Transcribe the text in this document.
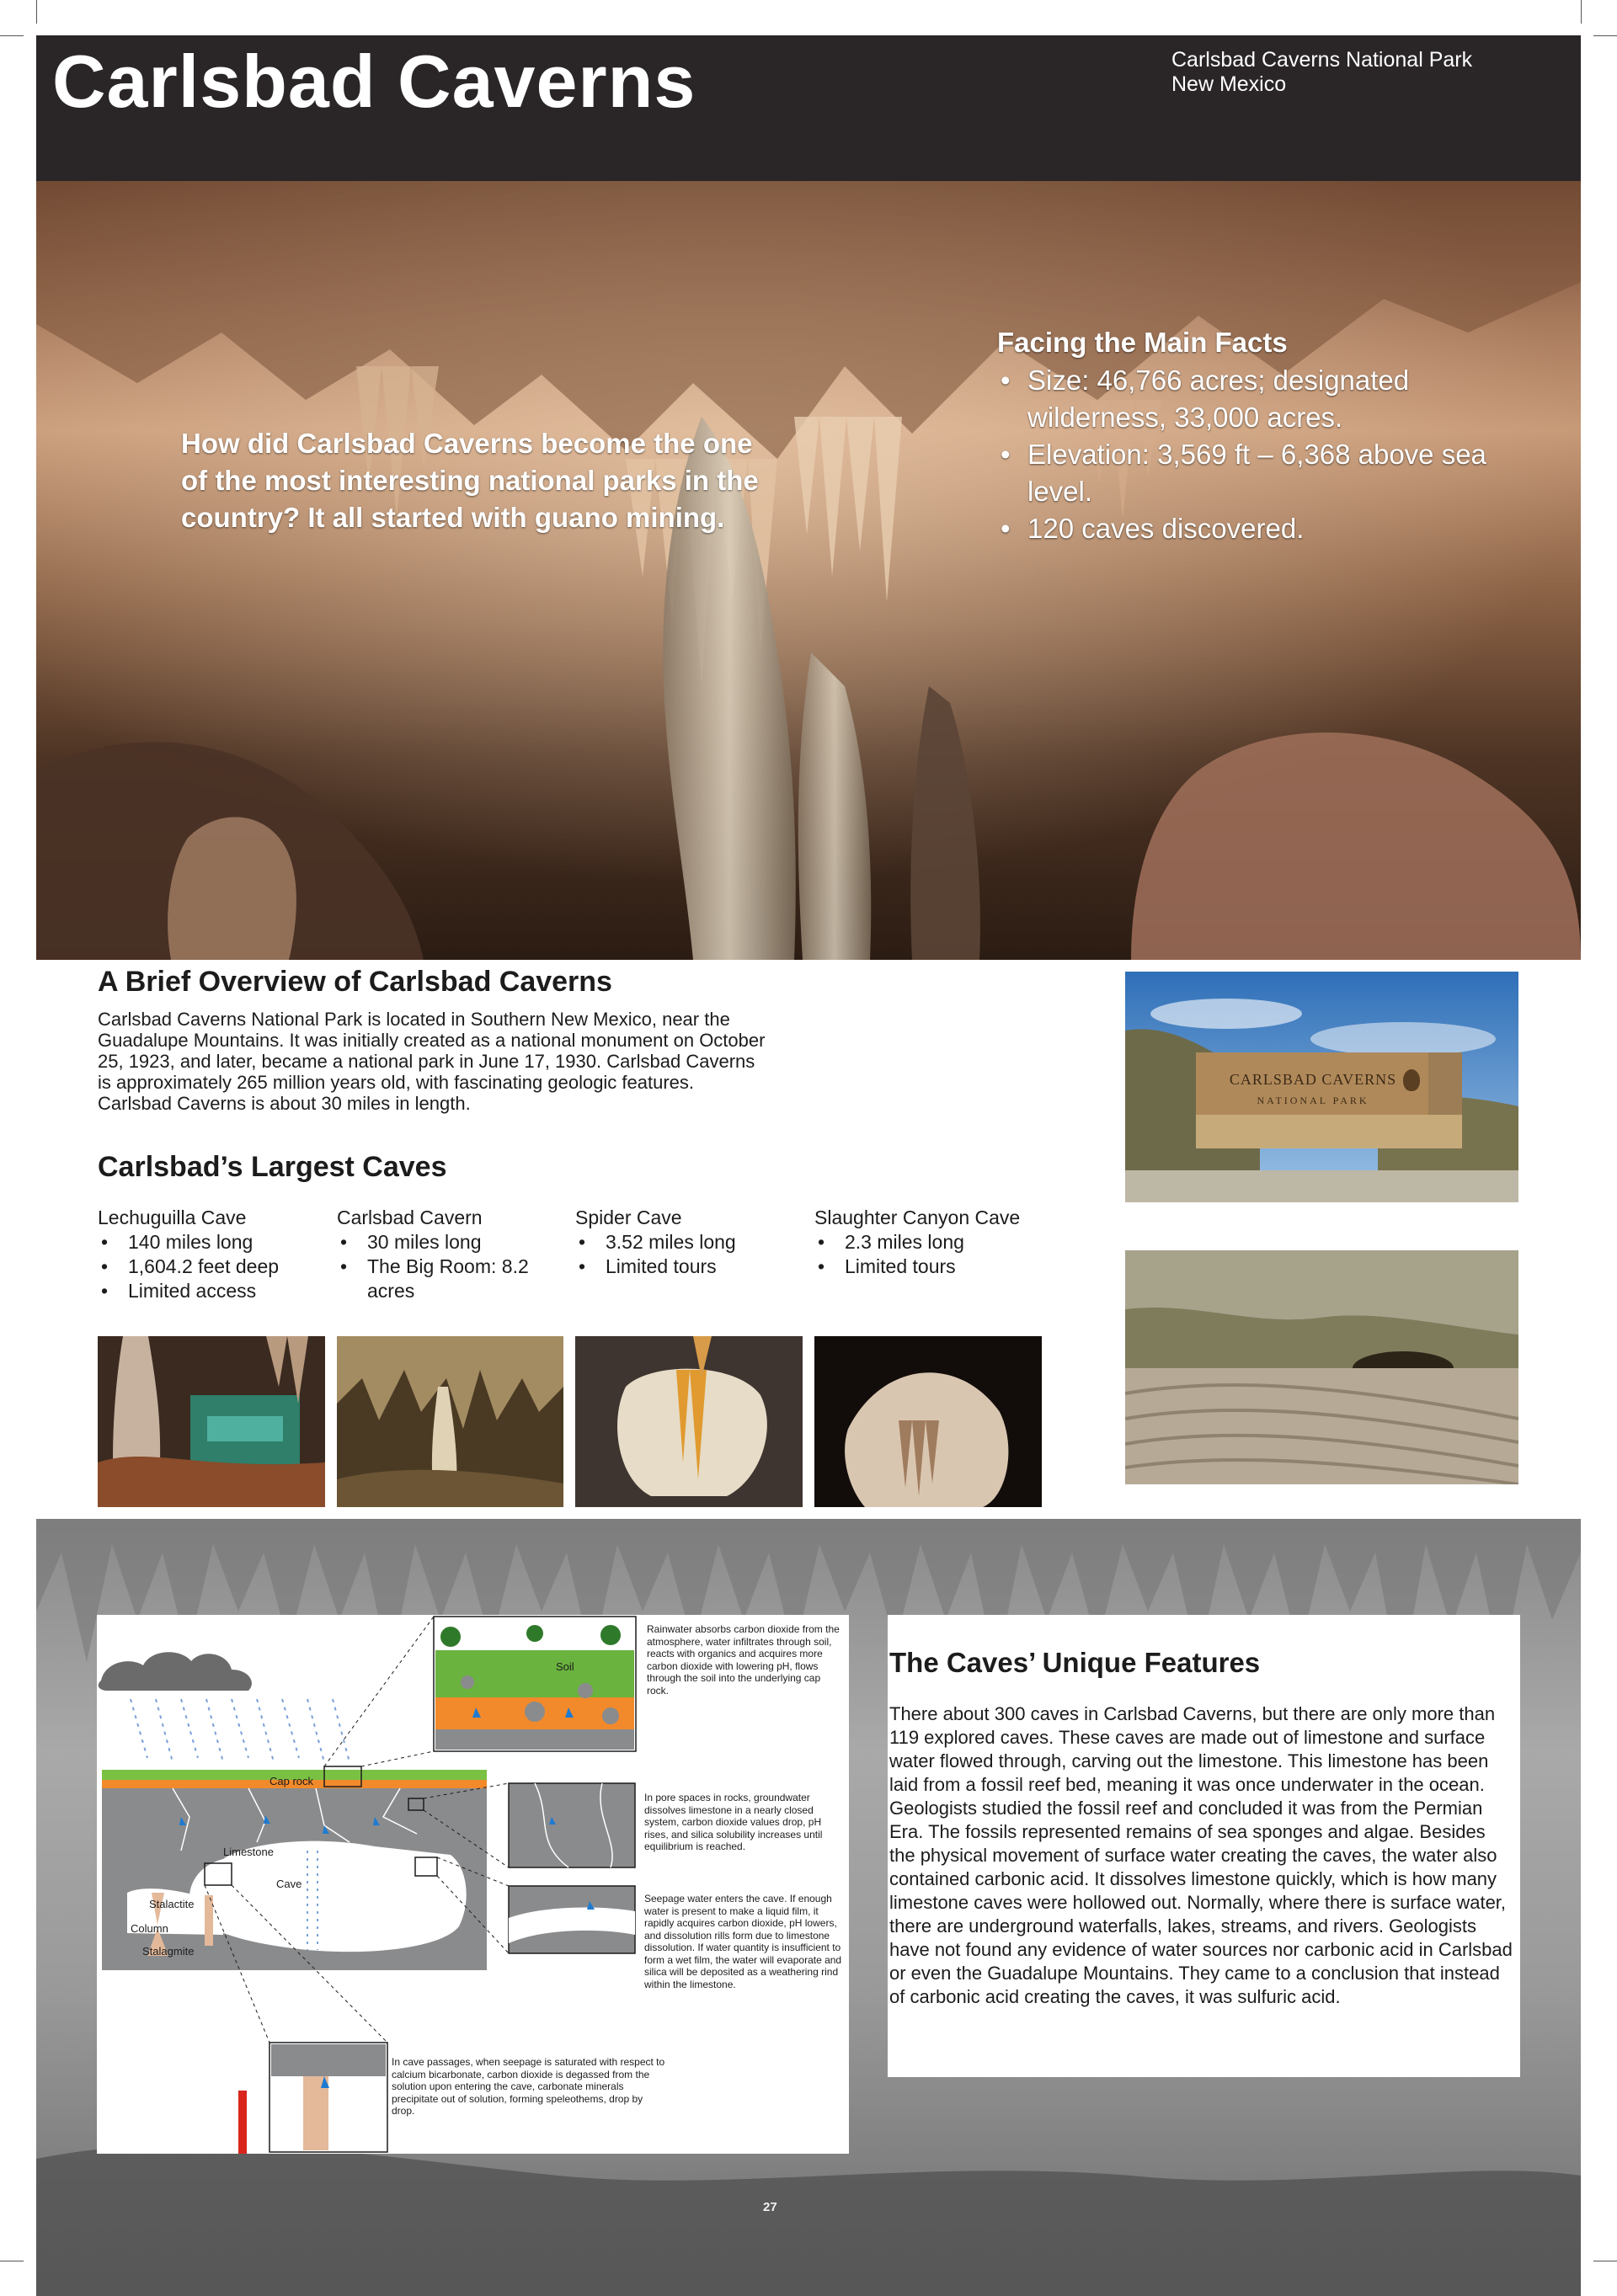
Carlsbad Caverns	Carlsbad Caverns National Park
New Mexico

How did Carlsbad Caverns become the one of the most interesting national parks in the country? It all started with guano mining.

Facing the Main Facts
• Size: 46,766 acres; designated wilderness, 33,000 acres.
• Elevation: 3,569 ft – 6,368 above sea level.
• 120 caves discovered.
A Brief Overview of Carlsbad Caverns

Carlsbad Caverns National Park is located in Southern New Mexico, near the Guadalupe Mountains. It was initially created as a national monument on October 25, 1923, and later, became a national park in June 17, 1930. Carlsbad Caverns is approximately 265 million years old, with fascinating geologic features. Carlsbad Caverns is about 30 miles in length.

Carlsbad’s Largest Caves
Lechuguilla Cave
• 140 miles long
• 1,604.2 feet deep
• Limited access
Carlsbad Cavern
• 30 miles long
• The Big Room: 8.2 acres
Spider Cave
• 3.52 miles long
• Limited tours
Slaughter Canyon Cave
• 2.3 miles long
• Limited tours
CARLSBAD CAVERNS
NATIONAL PARK
Soil
Cap rock
Limestone
Cave
Stalactite
Column
Stalagmite

Rainwater absorbs carbon dioxide from the atmosphere, water infiltrates through soil, reacts with organics and acquires more carbon dioxide with lowering pH, flows through the soil into the underlying cap rock.

In pore spaces in rocks, groundwater dissolves limestone in a nearly closed system, carbon dioxide values drop, pH rises, and silica solubility increases until equilibrium is reached.

Seepage water enters the cave. If enough water is present to make a liquid film, it rapidly acquires carbon dioxide, pH lowers, and dissolution rills form due to limestone dissolution. If water quantity is insufficient to form a wet film, the water will evaporate and silica will be deposited as a weathering rind within the limestone.

In cave passages, when seepage is saturated with respect to calcium bicarbonate, carbon dioxide is degassed from the solution upon entering the cave, carbonate minerals precipitate out of solution, forming speleothems, drop by drop.

The Caves’ Unique Features

There about 300 caves in Carlsbad Caverns, but there are only more than 119 explored caves. These caves are made out of limestone and surface water flowed through, carving out the limestone. This limestone has been laid from a fossil reef bed, meaning it was once underwater in the ocean. Geologists studied the fossil reef and concluded it was from the Permian Era. The fossils represented remains of sea sponges and algae. Besides the physical movement of surface water creating the caves, the water also contained carbonic acid. It dissolves limestone quickly, which is how many limestone caves were hollowed out. Normally, where there is surface water, there are underground waterfalls, lakes, streams, and rivers. Geologists have not found any evidence of water sources nor carbonic acid in Carlsbad or even the Guadalupe Mountains. They came to a conclusion that instead of carbonic acid creating the caves, it was sulfuric acid.

27
